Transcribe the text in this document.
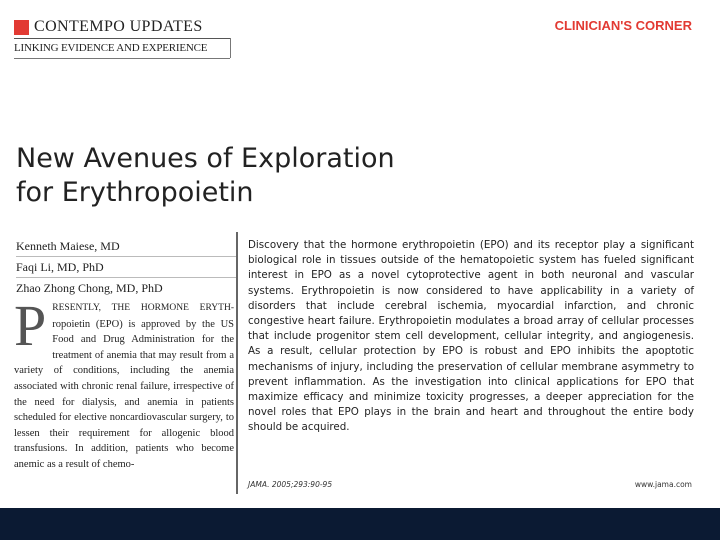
CONTEMPO UPDATES
LINKING EVIDENCE AND EXPERIENCE
CLINICIAN'S CORNER
New Avenues of Exploration
for Erythropoietin
Kenneth Maiese, MD
Faqi Li, MD, PhD
Zhao Zhong Chong, MD, PhD
P RESENTLY, THE HORMONE ERYTH- ropoietin (EPO) is approved by the US Food and Drug Administration for the treatment of anemia that may result from a variety of conditions, including the anemia associated with chronic renal failure, irrespective of the need for dialysis, and anemia in patients scheduled for elective noncardiovascular surgery, to lessen their requirement for allogenic blood transfusions. In addition, patients who become anemic as a result of chemo-

Discovery that the hormone erythropoietin (EPO) and its receptor play a significant biological role in tissues outside of the hematopoietic system has fueled significant interest in EPO as a novel cytoprotective agent in both neuronal and vascular systems. Erythropoietin is now considered to have applicability in a variety of disorders that include cerebral ischemia, myocardial infarction, and chronic congestive heart failure. Erythropoietin modulates a broad array of cellular processes that include progenitor stem cell development, cellular integrity, and angiogenesis. As a result, cellular protection by EPO is robust and EPO inhibits the apoptotic mechanisms of injury, including the preservation of cellular membrane asymmetry to prevent inflammation. As the investigation into clinical applications for EPO that maximize efficacy and minimize toxicity progresses, a deeper appreciation for the novel roles that EPO plays in the brain and heart and throughout the entire body should be acquired.

JAMA. 2005;293:90-95	www.jama.com
